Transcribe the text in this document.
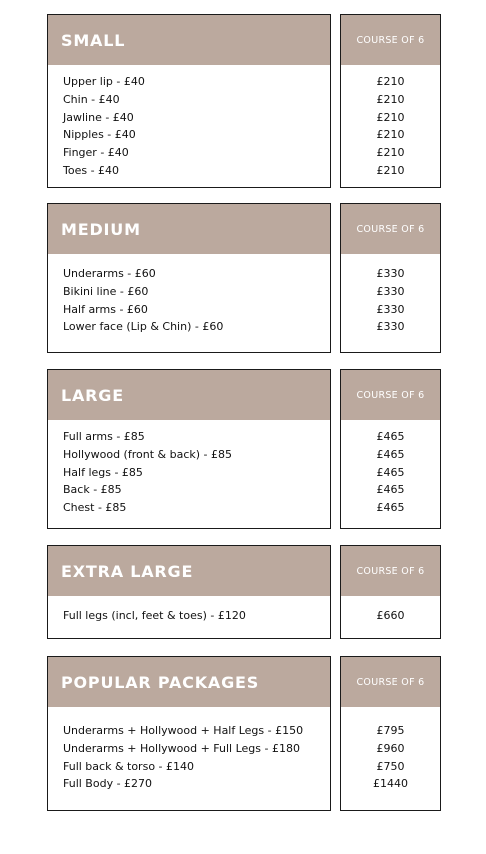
SMALL
Upper lip - £40
Chin - £40
Jawline - £40
Nipples - £40
Finger - £40
Toes - £40
COURSE OF 6
£210
£210
£210
£210
£210
£210
MEDIUM
Underarms - £60
Bikini line - £60
Half arms - £60
Lower face (Lip & Chin) - £60
COURSE OF 6
£330
£330
£330
£330
LARGE
Full arms - £85
Hollywood (front & back) - £85
Half legs - £85
Back - £85
Chest - £85
COURSE OF 6
£465
£465
£465
£465
£465
EXTRA LARGE
Full legs (incl, feet & toes) - £120
COURSE OF 6
£660
POPULAR PACKAGES
Underarms + Hollywood + Half Legs - £150
Underarms + Hollywood + Full Legs - £180
Full back & torso - £140
Full Body - £270
COURSE OF 6
£795
£960
£750
£1440
